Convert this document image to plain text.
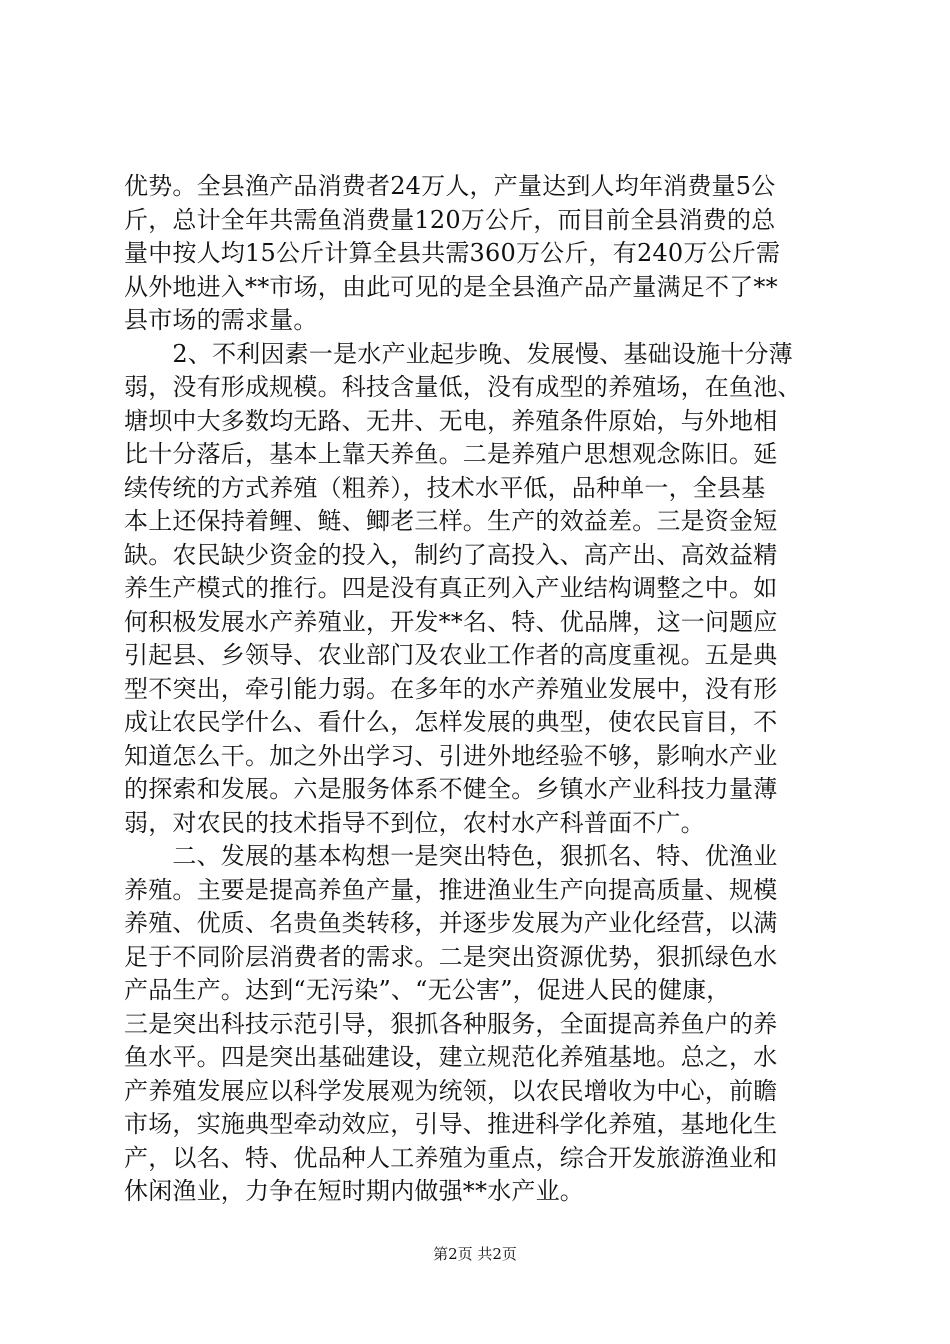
优势。全县渔产品消费者24万人，产量达到人均年消费量5公
斤，总计全年共需鱼消费量120万公斤，而目前全县消费的总
量中按人均15公斤计算全县共需360万公斤，有240万公斤需
从外地进入**市场，由此可见的是全县渔产品产量满足不了**
县市场的需求量。
　　2、不利因素一是水产业起步晚、发展慢、基础设施十分薄
弱，没有形成规模。科技含量低，没有成型的养殖场，在鱼池、
塘坝中大多数均无路、无井、无电，养殖条件原始，与外地相
比十分落后，基本上靠天养鱼。二是养殖户思想观念陈旧。延
续传统的方式养殖（粗养），技术水平低，品种单一，全县基
本上还保持着鲤、鲢、鲫老三样。生产的效益差。三是资金短
缺。农民缺少资金的投入，制约了高投入、高产出、高效益精
养生产模式的推行。四是没有真正列入产业结构调整之中。如
何积极发展水产养殖业，开发**名、特、优品牌，这一问题应
引起县、乡领导、农业部门及农业工作者的高度重视。五是典
型不突出，牵引能力弱。在多年的水产养殖业发展中，没有形
成让农民学什么、看什么，怎样发展的典型，使农民盲目，不
知道怎么干。加之外出学习、引进外地经验不够，影响水产业
的探索和发展。六是服务体系不健全。乡镇水产业科技力量薄
弱，对农民的技术指导不到位，农村水产科普面不广。
　　二、发展的基本构想一是突出特色，狠抓名、特、优渔业
养殖。主要是提高养鱼产量，推进渔业生产向提高质量、规模
养殖、优质、名贵鱼类转移，并逐步发展为产业化经营，以满
足于不同阶层消费者的需求。二是突出资源优势，狠抓绿色水
产品生产。达到“无污染”、“无公害”，促进人民的健康，
三是突出科技示范引导，狠抓各种服务，全面提高养鱼户的养
鱼水平。四是突出基础建设，建立规范化养殖基地。总之，水
产养殖发展应以科学发展观为统领，以农民增收为中心，前瞻
市场，实施典型牵动效应，引导、推进科学化养殖，基地化生
产，以名、特、优品种人工养殖为重点，综合开发旅游渔业和
休闲渔业，力争在短时期内做强**水产业。
第2页 共2页
